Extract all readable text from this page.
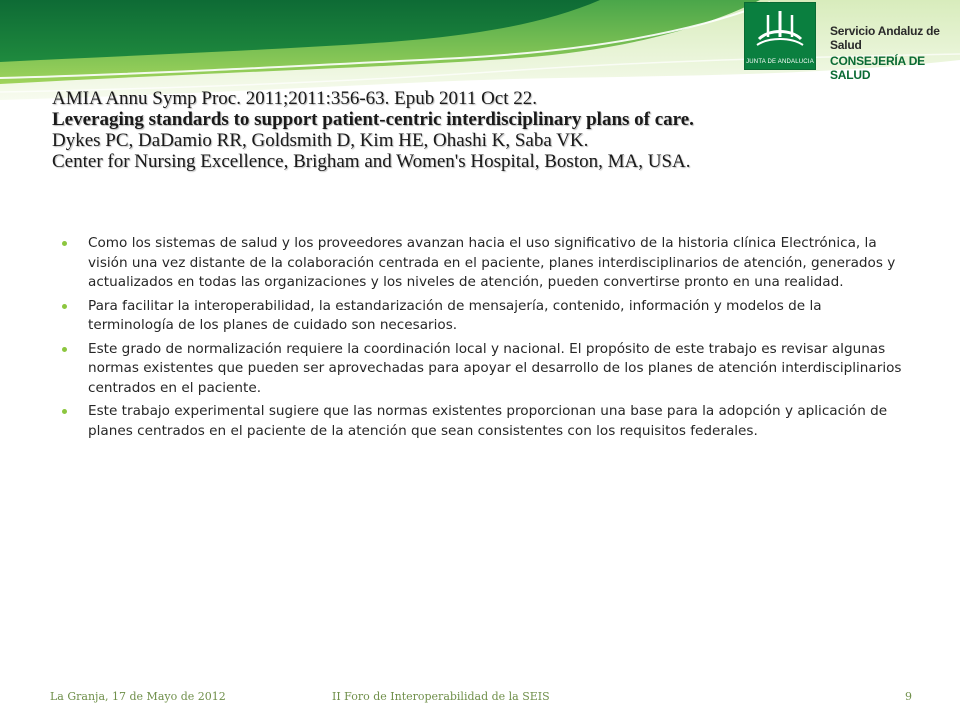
JUNTA DE ANDALUCIA
Servicio Andaluz de Salud
CONSEJERÍA DE SALUD
AMIA Annu Symp Proc. 2011;2011:356-63. Epub 2011 Oct 22.
Leveraging standards to support patient-centric interdisciplinary plans of care.
Dykes PC, DaDamio RR, Goldsmith D, Kim HE, Ohashi K, Saba VK.
Center for Nursing Excellence, Brigham and Women's Hospital, Boston, MA, USA.
Como los sistemas de salud y los proveedores avanzan hacia el uso significativo de la historia clínica Electrónica, la visión una vez distante de la colaboración centrada en el paciente, planes interdisciplinarios de atención, generados y actualizados en todas las organizaciones y los niveles de atención, pueden convertirse pronto en una realidad.
Para facilitar la interoperabilidad, la estandarización de mensajería, contenido, información y modelos de la terminología de los planes de cuidado son necesarios.
Este grado de normalización requiere la coordinación local y nacional. El propósito de este trabajo es revisar algunas normas existentes que pueden ser aprovechadas para apoyar el desarrollo de los planes de atención interdisciplinarios centrados en el paciente.
Este trabajo experimental sugiere que las normas existentes proporcionan una base para la adopción y aplicación de planes centrados en el paciente de la atención que sean consistentes con los requisitos federales.
La Granja, 17 de Mayo de 2012	II Foro de Interoperabilidad de la SEIS	9
